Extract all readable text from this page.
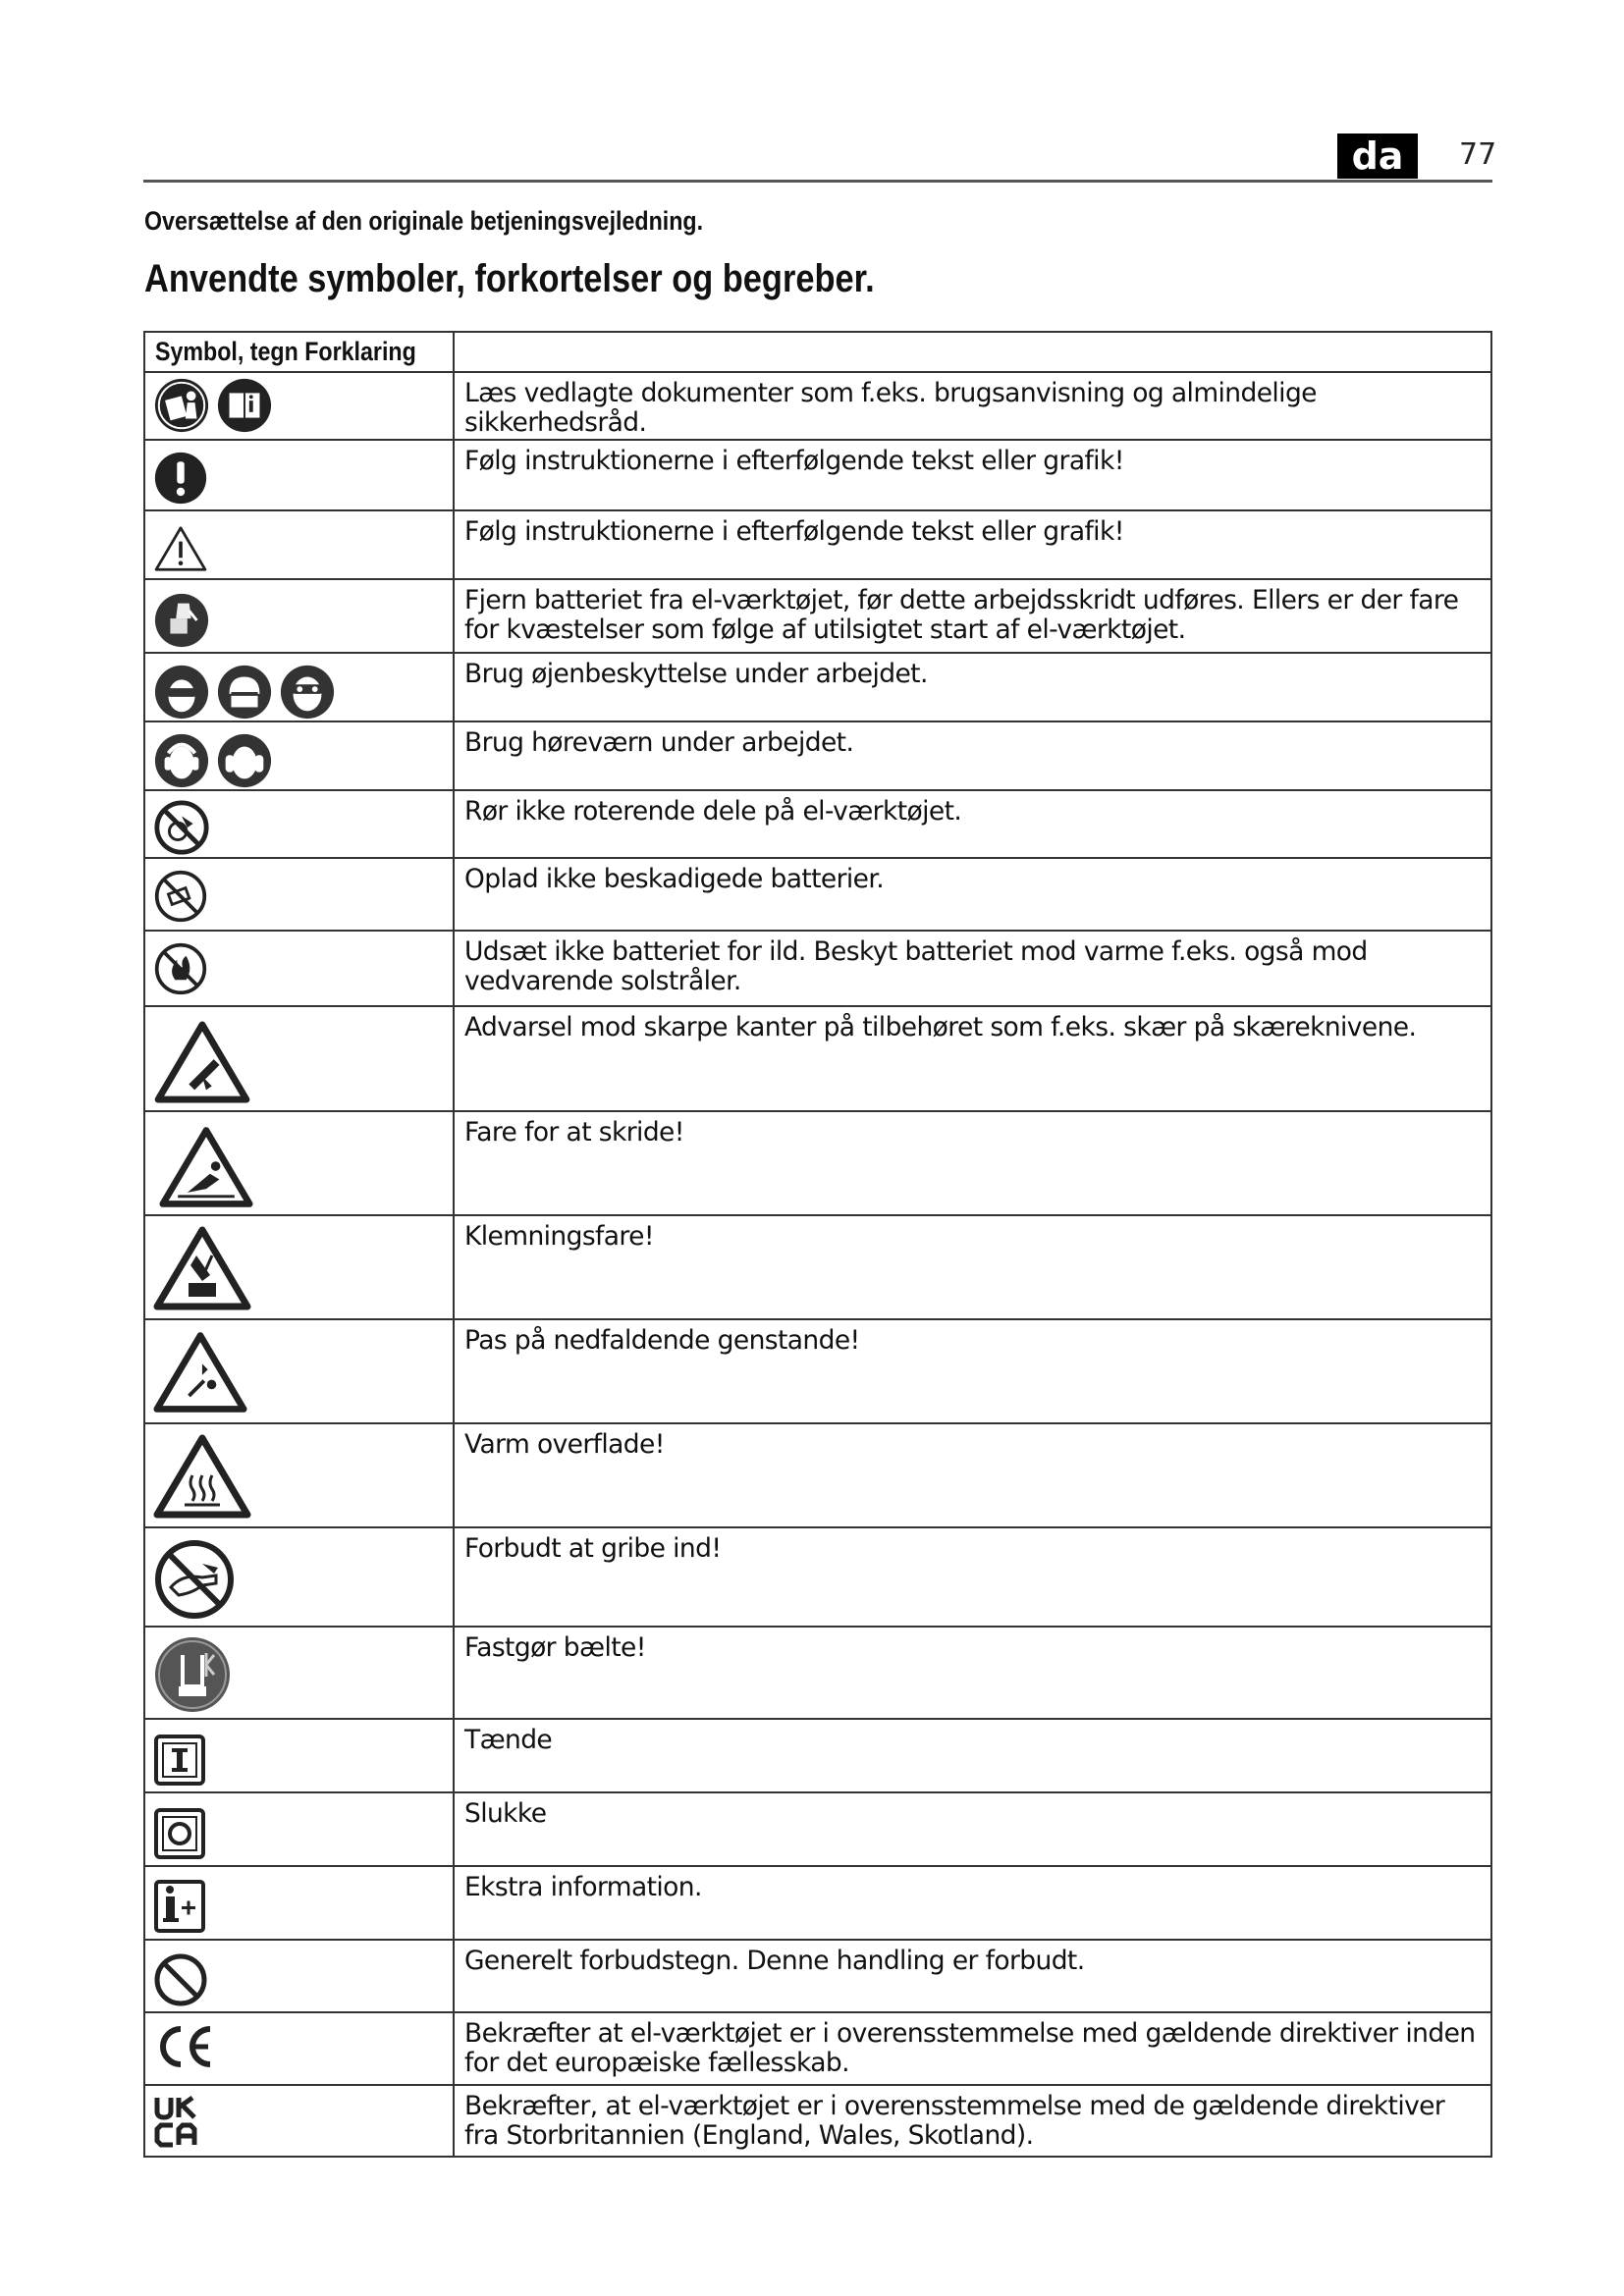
da	77
Oversættelse af den originale betjeningsvejledning.
Anvendte symboler, forkortelser og begreber.
Symbol, tegn Forklaring	

	Læs vedlagte dokumenter som f.eks. brugsanvisning og almindelige sikkerhedsråd.

	Følg instruktionerne i efterfølgende tekst eller grafik!

	Følg instruktionerne i efterfølgende tekst eller grafik!

	Fjern batteriet fra el-værktøjet, før dette arbejdsskridt udføres. Ellers er der fare for kvæstelser som følge af utilsigtet start af el-værktøjet.

	Brug øjenbeskyttelse under arbejdet.

	Brug høreværn under arbejdet.

	Rør ikke roterende dele på el-værktøjet.

	Oplad ikke beskadigede batterier.

	Udsæt ikke batteriet for ild. Beskyt batteriet mod varme f.eks. også mod vedvarende solstråler.

	Advarsel mod skarpe kanter på tilbehøret som f.eks. skær på skæreknivene.

	Fare for at skride!

	Klemningsfare!

	Pas på nedfaldende genstande!

	Varm overflade!

	Forbudt at gribe ind!

	Fastgør bælte!

	Tænde

	Slukke

	Ekstra information.

	Generelt forbudstegn. Denne handling er forbudt.

	Bekræfter at el-værktøjet er i overensstemmelse med gældende direktiver inden for det europæiske fællesskab.

	Bekræfter, at el-værktøjet er i overensstemmelse med de gældende direktiver fra Storbritannien (England, Wales, Skotland).
